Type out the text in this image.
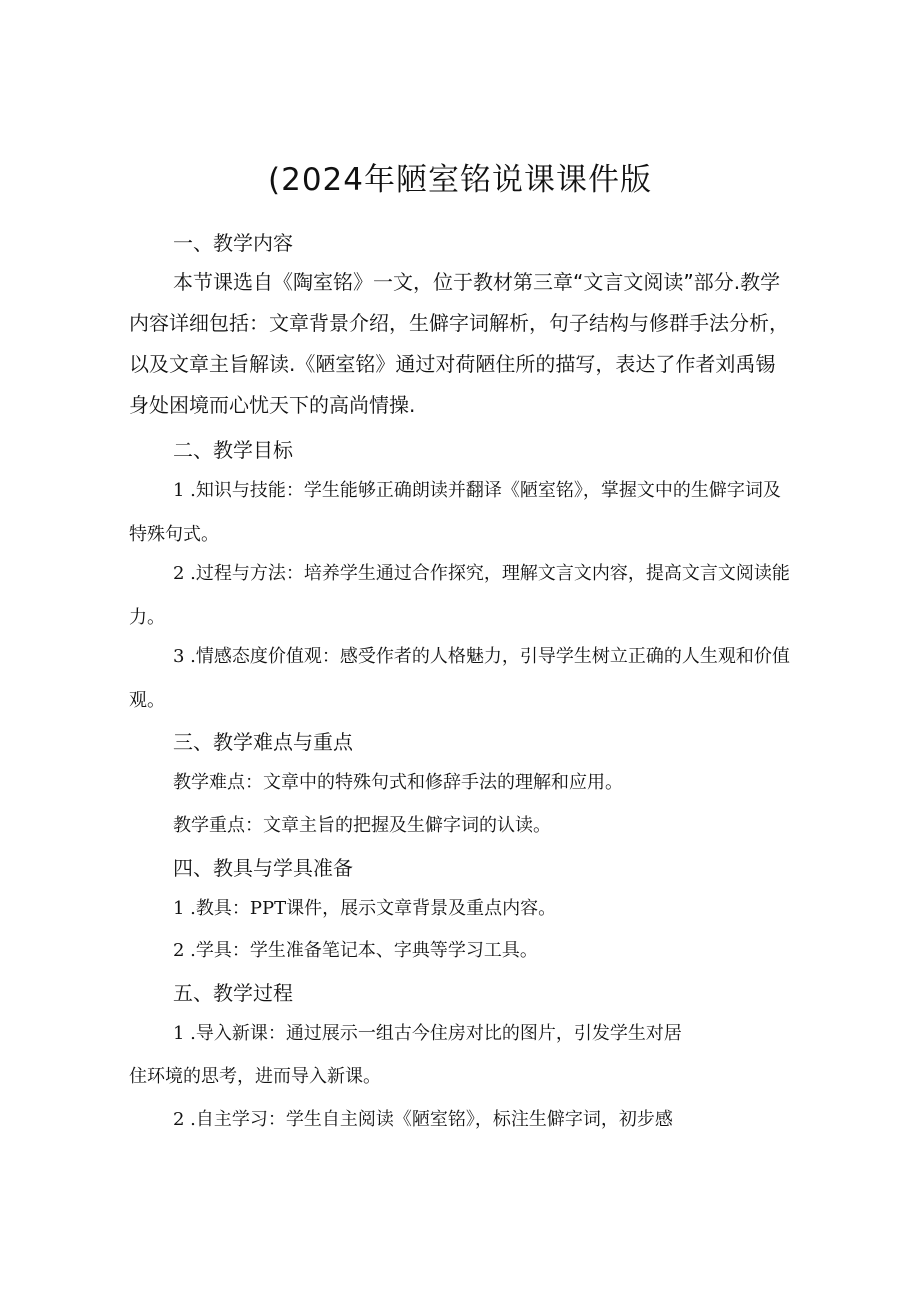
(2024年陋室铭说课课件版
一、教学内容

本节课选自《陶室铭》一文，位于教材第三章“文言文阅读”部分.教学内容详细包括：文章背景介绍，生僻字词解析，句子结构与修群手法分析，以及文章主旨解读.《陋室铭》通过对荷陋住所的描写，表达了作者刘禹锡身处困境而心忧天下的高尚情操.

二、教学目标

1 .知识与技能：学生能够正确朗读并翻译《陋室铭》，掌握文中的生僻字词及特殊句式。

2 .过程与方法：培养学生通过合作探究，理解文言文内容，提高文言文阅读能力。

3 .情感态度价值观：感受作者的人格魅力，引导学生树立正确的人生观和价值观。

三、教学难点与重点
教学难点：文章中的特殊句式和修辞手法的理解和应用。
教学重点：文章主旨的把握及生僻字词的认读。
四、教具与学具准备
1 .教具：PPT课件，展示文章背景及重点内容。
2 .学具：学生准备笔记本、字典等学习工具。
五、教学过程
1 .导入新课：通过展示一组古今住房对比的图片，引发学生对居
住环境的思考，进而导入新课。
2 .自主学习：学生自主阅读《陋室铭》，标注生僻字词，初步感
